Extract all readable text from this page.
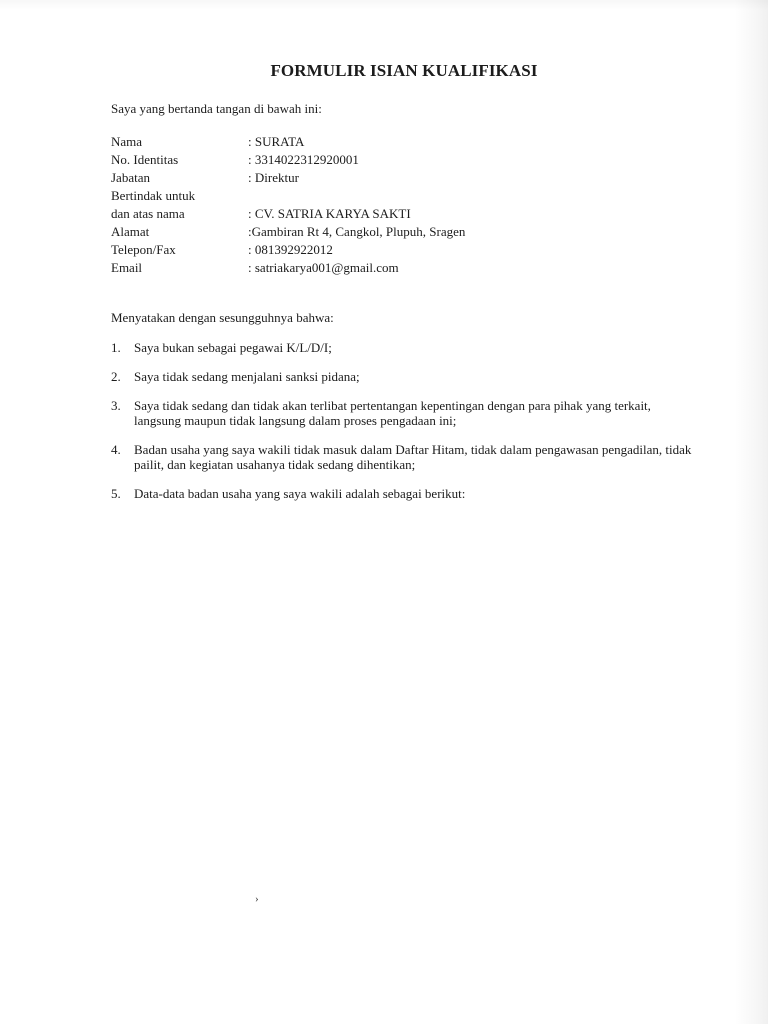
FORMULIR ISIAN KUALIFIKASI
Saya yang bertanda tangan di bawah ini:
Nama	: SURATA
No. Identitas	: 3314022312920001
Jabatan	: Direktur
Bertindak untuk
dan atas nama	: CV. SATRIA KARYA SAKTI
Alamat	:Gambiran Rt 4, Cangkol, Plupuh, Sragen
Telepon/Fax	: 081392922012
Email	: satriakarya001@gmail.com
Menyatakan dengan sesungguhnya bahwa:
1. Saya bukan sebagai pegawai K/L/D/I;
2. Saya tidak sedang menjalani sanksi pidana;
3. Saya tidak sedang dan tidak akan terlibat pertentangan kepentingan dengan para pihak yang terkait, langsung maupun tidak langsung dalam proses pengadaan ini;
4. Badan usaha yang saya wakili tidak masuk dalam Daftar Hitam, tidak dalam pengawasan pengadilan, tidak pailit, dan kegiatan usahanya tidak sedang dihentikan;
5. Data-data badan usaha yang saya wakili adalah sebagai berikut:
›
